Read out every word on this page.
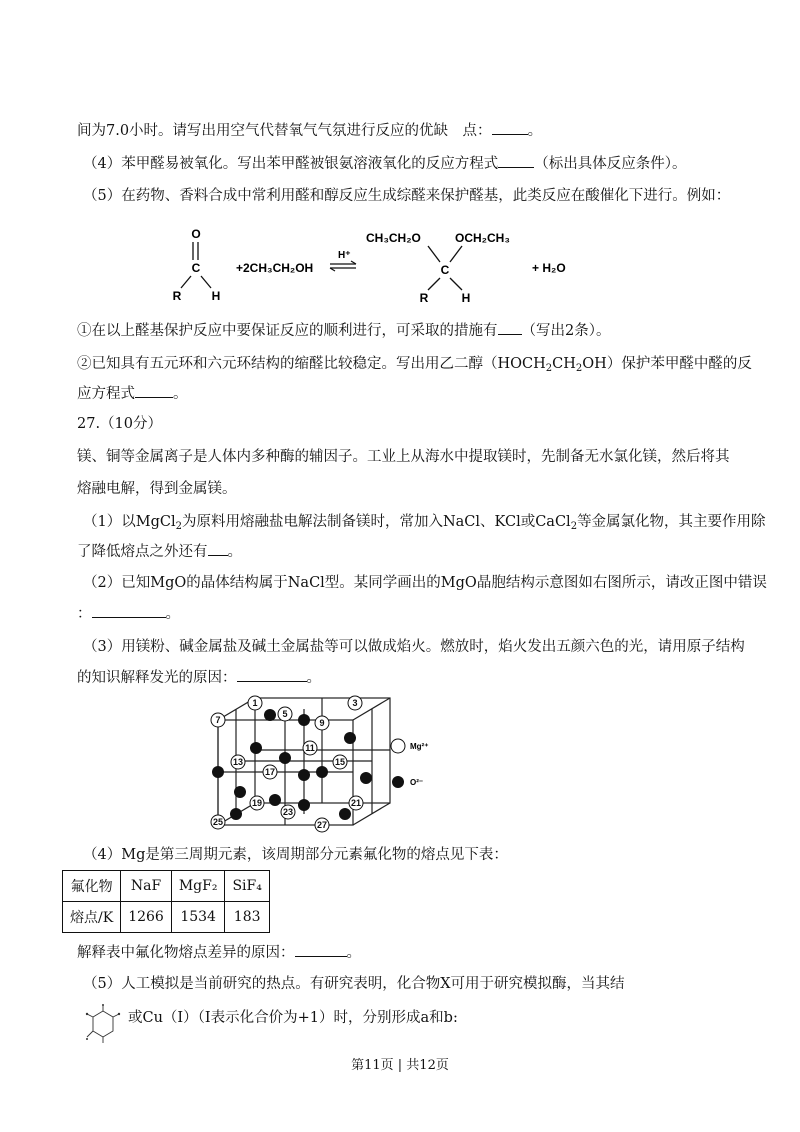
间为7.0小时。请写出用空气代替氧气气氛进行反应的优缺　点： 。
（4）苯甲醛易被氧化。写出苯甲醛被银氨溶液氧化的反应方程式 （标出具体反应条件）。
（5）在药物、香料合成中常利用醛和醇反应生成综醛来保护醛基，此类反应在酸催化下进行。例如：
O
C
R	H
+2CH₃CH₂OH
H⁺
CH₃CH₂O	OCH₂CH₃
C
R	H
+ H₂O
①在以上醛基保护反应中要保证反应的顺利进行，可采取的措施有 （写出2条）。
②已知具有五元环和六元环结构的缩醛比较稳定。写出用乙二醇$(HOCH_2CH_2OH)$保护苯甲醛中醛的反
应方程式	。
27.（10分）
镁、铜等金属离子是人体内多种酶的辅因子。工业上从海水中提取镁时，先制备无水氯化镁，然后将其
熔融电解，得到金属镁。
（1）以MgCl$_2$为原料用熔融盐电解法制备镁时，常加入NaCl、KCl或CaCl$_2$等金属氯化物，其主要作用除
了降低熔点之外还有 。
（2）已知MgO的晶体结构属于NaCl型。某同学画出的MgO晶胞结构示意图如右图所示，请改正图中错误
：	。
（3）用镁粉、碱金属盐及碱土金属盐等可以做成焰火。燃放时，焰火发出五颜六色的光，请用原子结构
的知识解释发光的原因：	。
1	3
5
7	9
11
13	15
17
19	21
23
25	27
Mg²⁺
O²⁻
（4）Mg是第三周期元素，该周期部分元素氟化物的熔点见下表：
氟化物	NaF	MgF₂	SiF₄
熔点/K	1266	1534	183
解释表中氟化物熔点差异的原因：	。
（5）人工模拟是当前研究的热点。有研究表明，化合物X可用于研究模拟酶，当其结
或Cu（I）（I表示化合价为+1）时，分别形成a和b:
第11页 | 共12页
